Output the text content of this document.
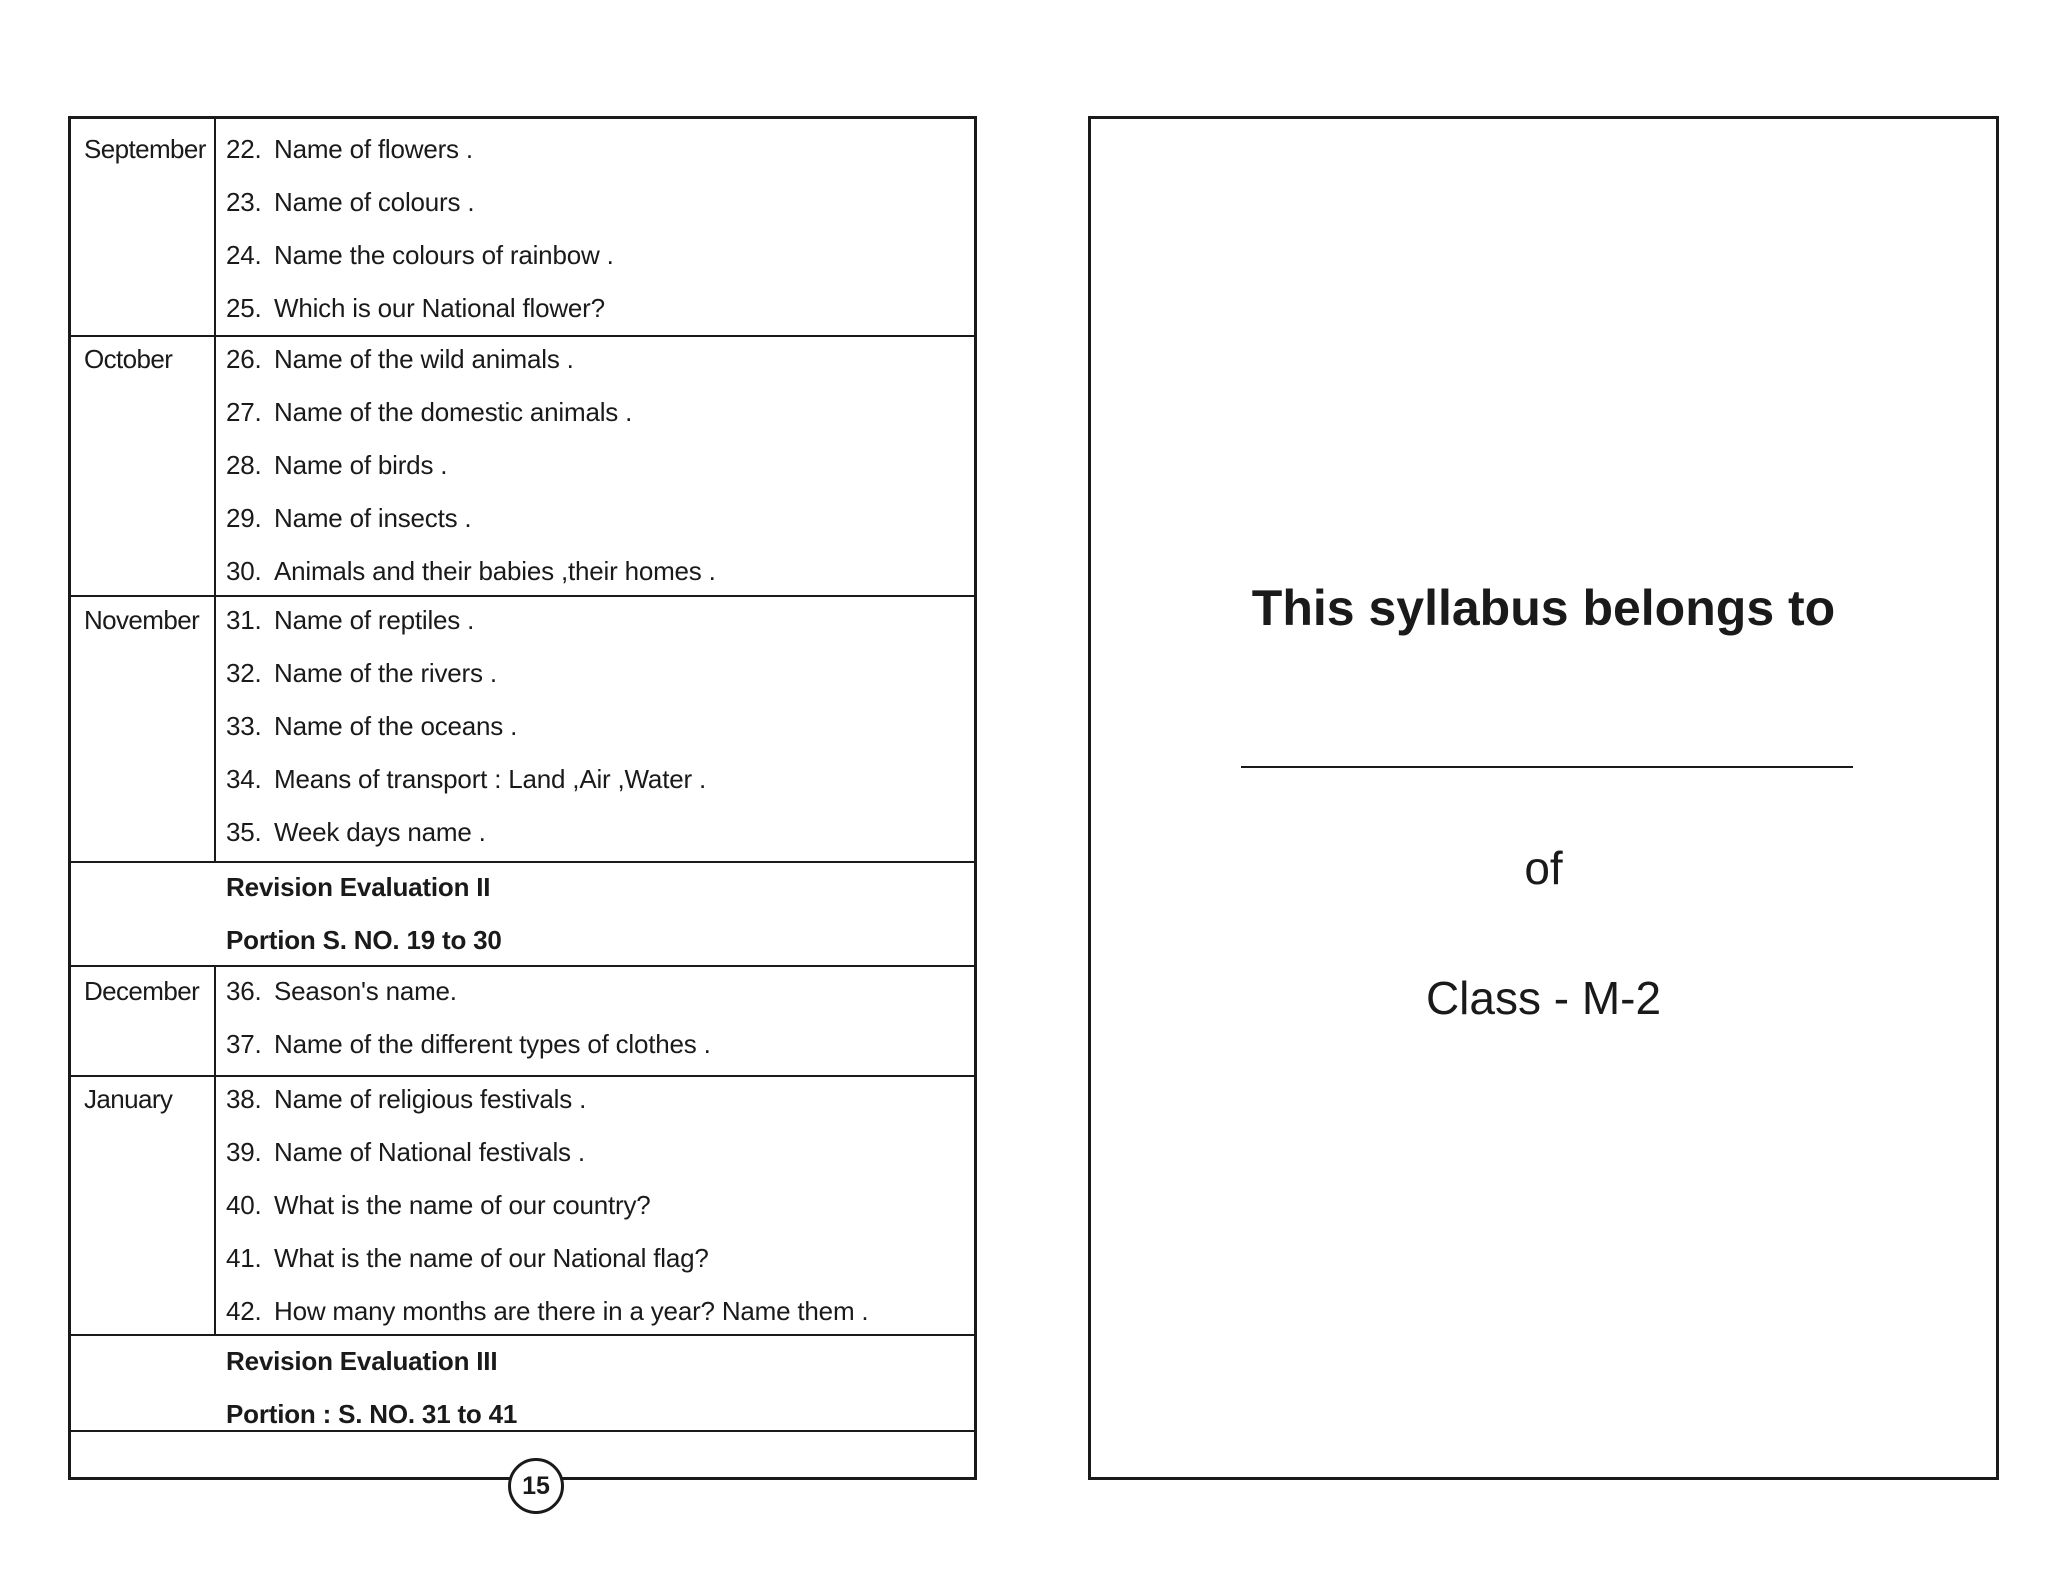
September 22. Name of flowers .
23. Name of colours .
24. Name the colours of rainbow .
25. Which is our National flower?
October 26. Name of the wild animals .
27. Name of the domestic animals .
28. Name of birds .
29. Name of insects .
30. Animals and their babies ,their homes .
November 31. Name of reptiles .
32. Name of the rivers .
33. Name of the oceans .
34. Means of transport : Land ,Air ,Water .
35. Week days name .
Revision Evaluation II
Portion S. NO. 19 to 30
December 36. Season's name.
37. Name of the different types of clothes .
January 38. Name of religious festivals .
39. Name of National festivals .
40. What is the name of our country?
41. What is the name of our National flag?
42. How many months are there in a year? Name them .
Revision Evaluation III
Portion : S. NO. 31 to 41
15
This syllabus belongs to
of
Class - M-2
